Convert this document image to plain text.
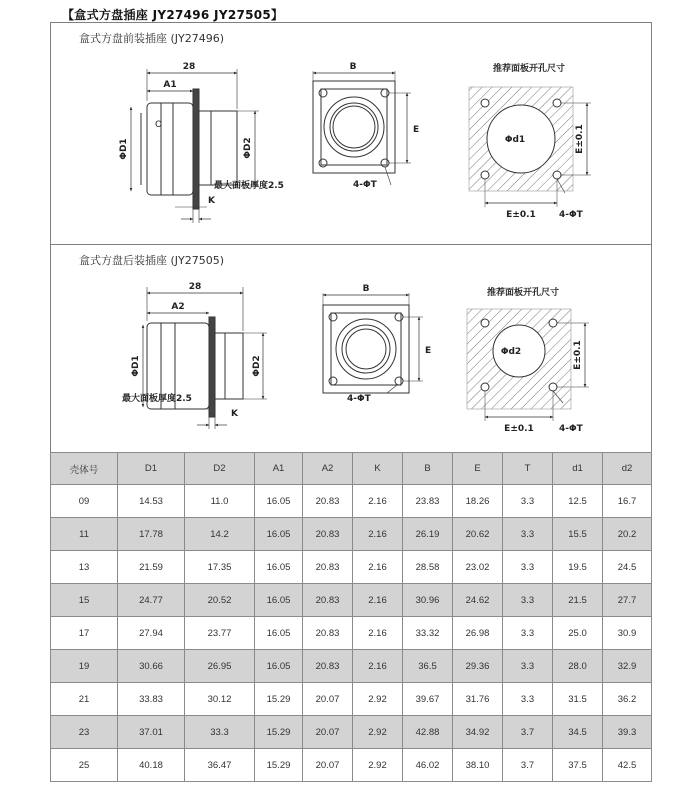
【盒式方盘插座 JY27496 JY27505】
盒式方盘前装插座 (JY27496)
28
A1
ΦD1	ΦD2
O
最大面板厚度2.5
K
B
E
4-ΦT
推荐面板开孔尺寸
Φd1
E±0.1
E±0.1
4-ΦT
盒式方盘后装插座 (JY27505)
28
A2
ΦD1	ΦD2
最大面板厚度2.5
K
B
E
4-ΦT
推荐面板开孔尺寸
Φd2
E±0.1
E±0.1
4-ΦT
壳体号	D1	D2	A1	A2	K	B	E	T	d1	d2
09	14.53	11.0	16.05	20.83	2.16	23.83	18.26	3.3	12.5	16.7
11	17.78	14.2	16.05	20.83	2.16	26.19	20.62	3.3	15.5	20.2
13	21.59	17.35	16.05	20.83	2.16	28.58	23.02	3.3	19.5	24.5
15	24.77	20.52	16.05	20.83	2.16	30.96	24.62	3.3	21.5	27.7
17	27.94	23.77	16.05	20.83	2.16	33.32	26.98	3.3	25.0	30.9
19	30.66	26.95	16.05	20.83	2.16	36.5	29.36	3.3	28.0	32.9
21	33.83	30.12	15.29	20.07	2.92	39.67	31.76	3.3	31.5	36.2
23	37.01	33.3	15.29	20.07	2.92	42.88	34.92	3.7	34.5	39.3
25	40.18	36.47	15.29	20.07	2.92	46.02	38.10	3.7	37.5	42.5
